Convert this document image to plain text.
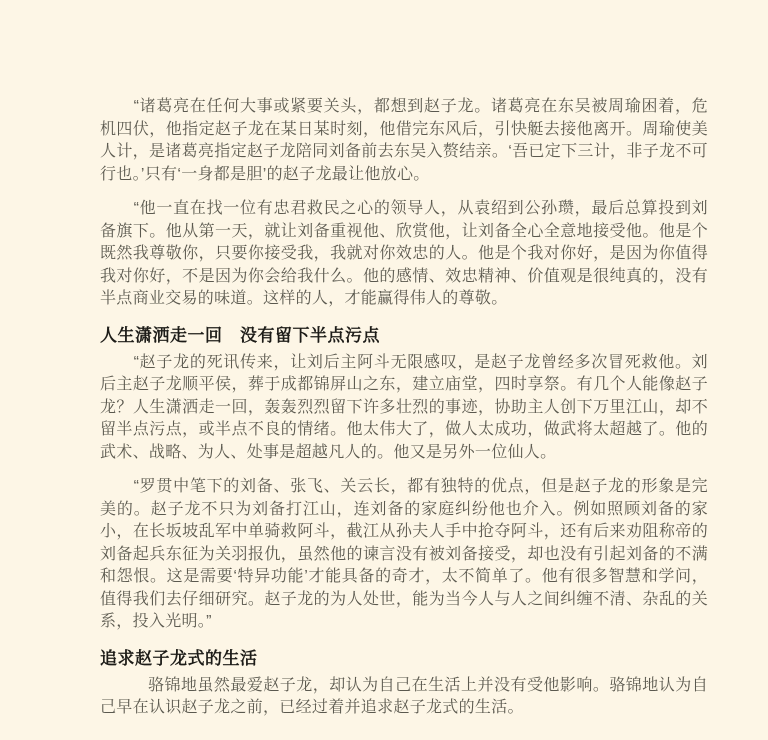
“诸葛亮在任何大事或紧要关头，都想到赵子龙。诸葛亮在东吴被周瑜困着，危机四伏，他指定赵子龙在某日某时刻，他借完东风后，引快艇去接他离开。周瑜使美人计，是诸葛亮指定赵子龙陪同刘备前去东吴入赘结亲。‘吾已定下三计，非子龙不可行也。’只有‘一身都是胆’的赵子龙最让他放心。

“他一直在找一位有忠君救民之心的领导人，从袁绍到公孙瓒，最后总算投到刘备旗下。他从第一天，就让刘备重视他、欣赏他，让刘备全心全意地接受他。他是个既然我尊敬你，只要你接受我，我就对你效忠的人。他是个我对你好，是因为你值得我对你好，不是因为你会给我什么。他的感情、效忠精神、价值观是很纯真的，没有半点商业交易的味道。这样的人，才能赢得伟人的尊敬。

人生潇洒走一回　没有留下半点污点

“赵子龙的死讯传来，让刘后主阿斗无限感叹，是赵子龙曾经多次冒死救他。刘后主赵子龙顺平侯，葬于成都锦屏山之东，建立庙堂，四时享祭。有几个人能像赵子龙？人生潇洒走一回，轰轰烈烈留下许多壮烈的事迹，协助主人创下万里江山，却不留半点污点，或半点不良的情绪。他太伟大了，做人太成功，做武将太超越了。他的武术、战略、为人、处事是超越凡人的。他又是另外一位仙人。

“罗贯中笔下的刘备、张飞、关云长，都有独特的优点，但是赵子龙的形象是完美的。赵子龙不只为刘备打江山，连刘备的家庭纠纷他也介入。例如照顾刘备的家小，在长坂坡乱军中单骑救阿斗，截江从孙夫人手中抢夺阿斗，还有后来劝阻称帝的刘备起兵东征为关羽报仇，虽然他的谏言没有被刘备接受，却也没有引起刘备的不满和怨恨。这是需要‘特异功能’才能具备的奇才，太不简单了。他有很多智慧和学问，值得我们去仔细研究。赵子龙的为人处世，能为当今人与人之间纠缠不清、杂乱的关系，投入光明。”

追求赵子龙式的生活

骆锦地虽然最爱赵子龙，却认为自己在生活上并没有受他影响。骆锦地认为自己早在认识赵子龙之前，已经过着并追求赵子龙式的生活。
